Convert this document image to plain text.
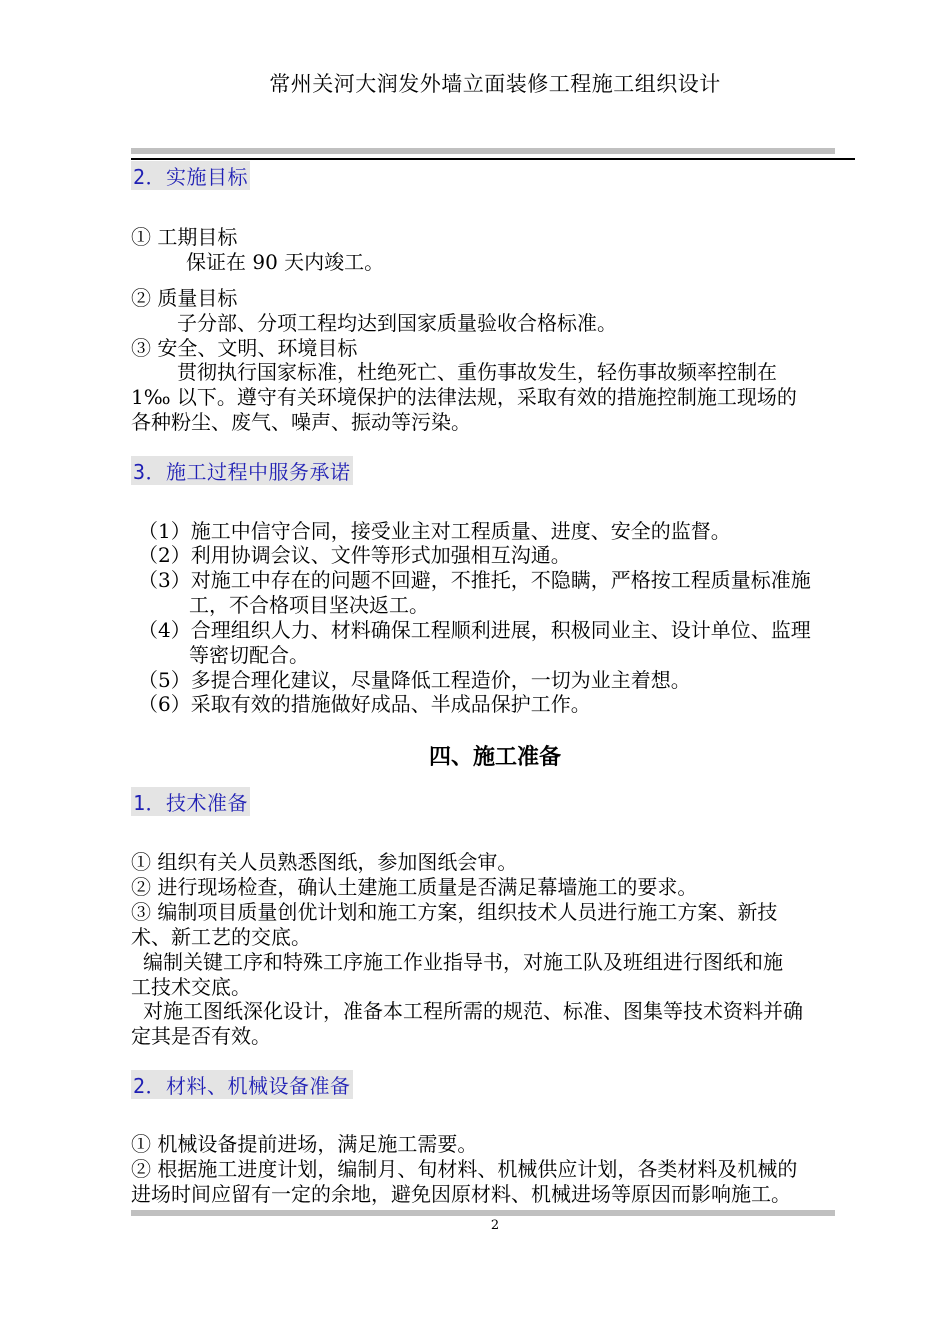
常州关河大润发外墙立面装修工程施工组织设计
2．实施目标
① 工期目标
保证在 90 天内竣工。
② 质量目标
子分部、分项工程均达到国家质量验收合格标准。
③ 安全、文明、环境目标
贯彻执行国家标准，杜绝死亡、重伤事故发生，轻伤事故频率控制在
1‰ 以下。遵守有关环境保护的法律法规，采取有效的措施控制施工现场的
各种粉尘、废气、噪声、振动等污染。
3．施工过程中服务承诺
（1）施工中信守合同，接受业主对工程质量、进度、安全的监督。
（2）利用协调会议、文件等形式加强相互沟通。
（3）对施工中存在的问题不回避，不推托，不隐瞒，严格按工程质量标准施
工，不合格项目坚决返工。
（4）合理组织人力、材料确保工程顺利进展，积极同业主、设计单位、监理
等密切配合。
（5）多提合理化建议，尽量降低工程造价，一切为业主着想。
（6）采取有效的措施做好成品、半成品保护工作。
四、施工准备
1．技术准备
① 组织有关人员熟悉图纸，参加图纸会审。
② 进行现场检查，确认土建施工质量是否满足幕墙施工的要求。
③ 编制项目质量创优计划和施工方案，组织技术人员进行施工方案、新技
术、新工艺的交底。
编制关键工序和特殊工序施工作业指导书，对施工队及班组进行图纸和施
工技术交底。
对施工图纸深化设计，准备本工程所需的规范、标准、图集等技术资料并确
定其是否有效。
2．材料、机械设备准备
① 机械设备提前进场，满足施工需要。
② 根据施工进度计划，编制月、旬材料、机械供应计划，各类材料及机械的
进场时间应留有一定的余地，避免因原材料、机械进场等原因而影响施工。
2
